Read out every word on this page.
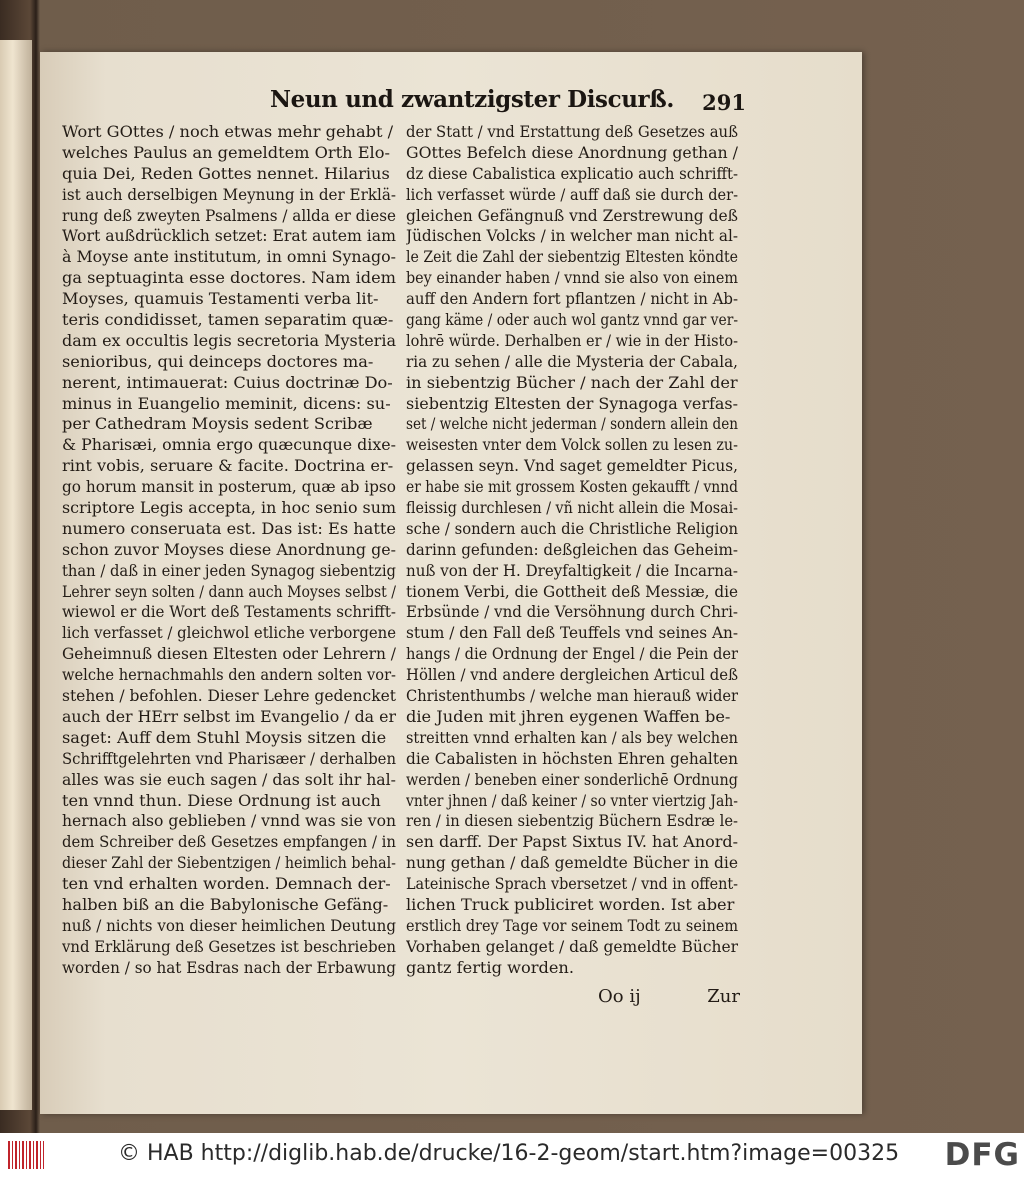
Neun und zwantzigster Discurß. 291
Wort GOttes / noch etwas mehr gehabt /
welches Paulus an gemeldtem Orth Elo-
quia Dei, Reden Gottes nennet. Hilarius
ist auch derselbigen Meynung in der Erklä-
rung deß zweyten Psalmens / allda er diese
Wort außdrücklich setzet: Erat autem iam
à Moyse ante institutum, in omni Synago-
ga septuaginta esse doctores. Nam idem
Moyses, quamuis Testamenti verba lit-
teris condidisset, tamen separatim quæ-
dam ex occultis legis secretoria Mysteria
senioribus, qui deinceps doctores ma-
nerent, intimauerat: Cuius doctrinæ Do-
minus in Euangelio meminit, dicens: su-
per Cathedram Moysis sedent Scribæ
& Pharisæi, omnia ergo quæcunque dixe-
rint vobis, seruare & facite. Doctrina er-
go horum mansit in posterum, quæ ab ipso
scriptore Legis accepta, in hoc senio sum
numero conseruata est. Das ist: Es hatte
schon zuvor Moyses diese Anordnung ge-
than / daß in einer jeden Synagog siebentzig
Lehrer seyn solten / dann auch Moyses selbst /
wiewol er die Wort deß Testaments schrifft-
lich verfasset / gleichwol etliche verborgene
Geheimnuß diesen Eltesten oder Lehrern /
welche hernachmahls den andern solten vor-
stehen / befohlen. Dieser Lehre gedencket
auch der HErr selbst im Evangelio / da er
saget: Auff dem Stuhl Moysis sitzen die
Schrifftgelehrten vnd Pharisæer / derhalben
alles was sie euch sagen / das solt ihr hal-
ten vnnd thun. Diese Ordnung ist auch
hernach also geblieben / vnnd was sie von
dem Schreiber deß Gesetzes empfangen / in
dieser Zahl der Siebentzigen / heimlich behal-
ten vnd erhalten worden. Demnach der-
halben biß an die Babylonische Gefäng-
nuß / nichts von dieser heimlichen Deutung
vnd Erklärung deß Gesetzes ist beschrieben
worden / so hat Esdras nach der Erbawung
der Statt / vnd Erstattung deß Gesetzes auß
GOttes Befelch diese Anordnung gethan /
dz diese Cabalistica explicatio auch schrifft-
lich verfasset würde / auff daß sie durch der-
gleichen Gefängnuß vnd Zerstrewung deß
Jüdischen Volcks / in welcher man nicht al-
le Zeit die Zahl der siebentzig Eltesten köndte
bey einander haben / vnnd sie also von einem
auff den Andern fort pflantzen / nicht in Ab-
gang käme / oder auch wol gantz vnnd gar ver-
lohrē würde. Derhalben er / wie in der Histo-
ria zu sehen / alle die Mysteria der Cabala,
in siebentzig Bücher / nach der Zahl der
siebentzig Eltesten der Synagoga verfas-
set / welche nicht jederman / sondern allein den
weisesten vnter dem Volck sollen zu lesen zu-
gelassen seyn. Vnd saget gemeldter Picus,
er habe sie mit grossem Kosten gekaufft / vnnd
fleissig durchlesen / vñ nicht allein die Mosai-
sche / sondern auch die Christliche Religion
darinn gefunden: deßgleichen das Geheim-
nuß von der H. Dreyfaltigkeit / die Incarna-
tionem Verbi, die Gottheit deß Messiæ, die
Erbsünde / vnd die Versöhnung durch Chri-
stum / den Fall deß Teuffels vnd seines An-
hangs / die Ordnung der Engel / die Pein der
Höllen / vnd andere dergleichen Articul deß
Christenthumbs / welche man hierauß wider
die Juden mit jhren eygenen Waffen be-
streitten vnnd erhalten kan / als bey welchen
die Cabalisten in höchsten Ehren gehalten
werden / beneben einer sonderlichē Ordnung
vnter jhnen / daß keiner / so vnter viertzig Jah-
ren / in diesen siebentzig Büchern Esdræ le-
sen darff. Der Papst Sixtus IV. hat Anord-
nung gethan / daß gemeldte Bücher in die
Lateinische Sprach vbersetzet / vnd in offent-
lichen Truck publiciret worden. Ist aber
erstlich drey Tage vor seinem Todt zu seinem
Vorhaben gelanget / daß gemeldte Bücher
gantz fertig worden.
Oo ij	Zur
© HAB http://diglib.hab.de/drucke/16-2-geom/start.htm?image=00325 DFG
